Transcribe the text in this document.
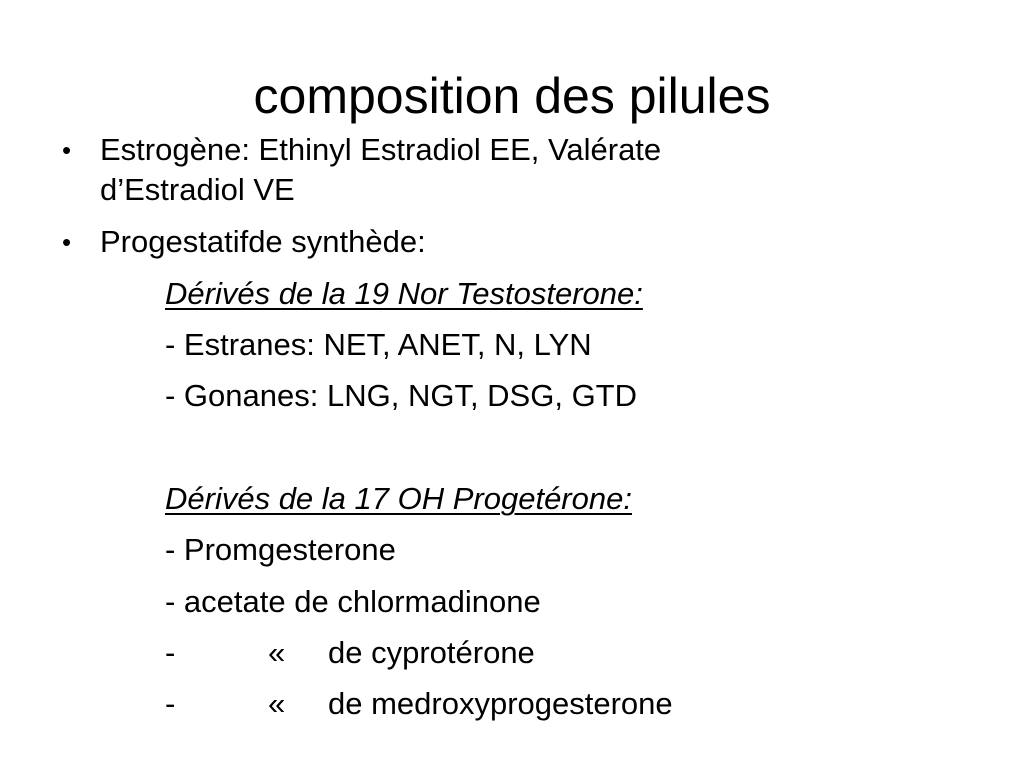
composition des pilules
• Estrogène: Ethinyl Estradiol EE, Valérate

d’Estradiol VE

• Progestatifde synthède:

Dérivés de la 19 Nor Testosterone:

- Estranes: NET, ANET, N, LYN

- Gonanes: LNG, NGT, DSG, GTD

Dérivés de la 17 OH Progetérone:

- Promgesterone

- acetate de chlormadinone

-	« de cyprotérone
-	« de medroxyprogesterone
